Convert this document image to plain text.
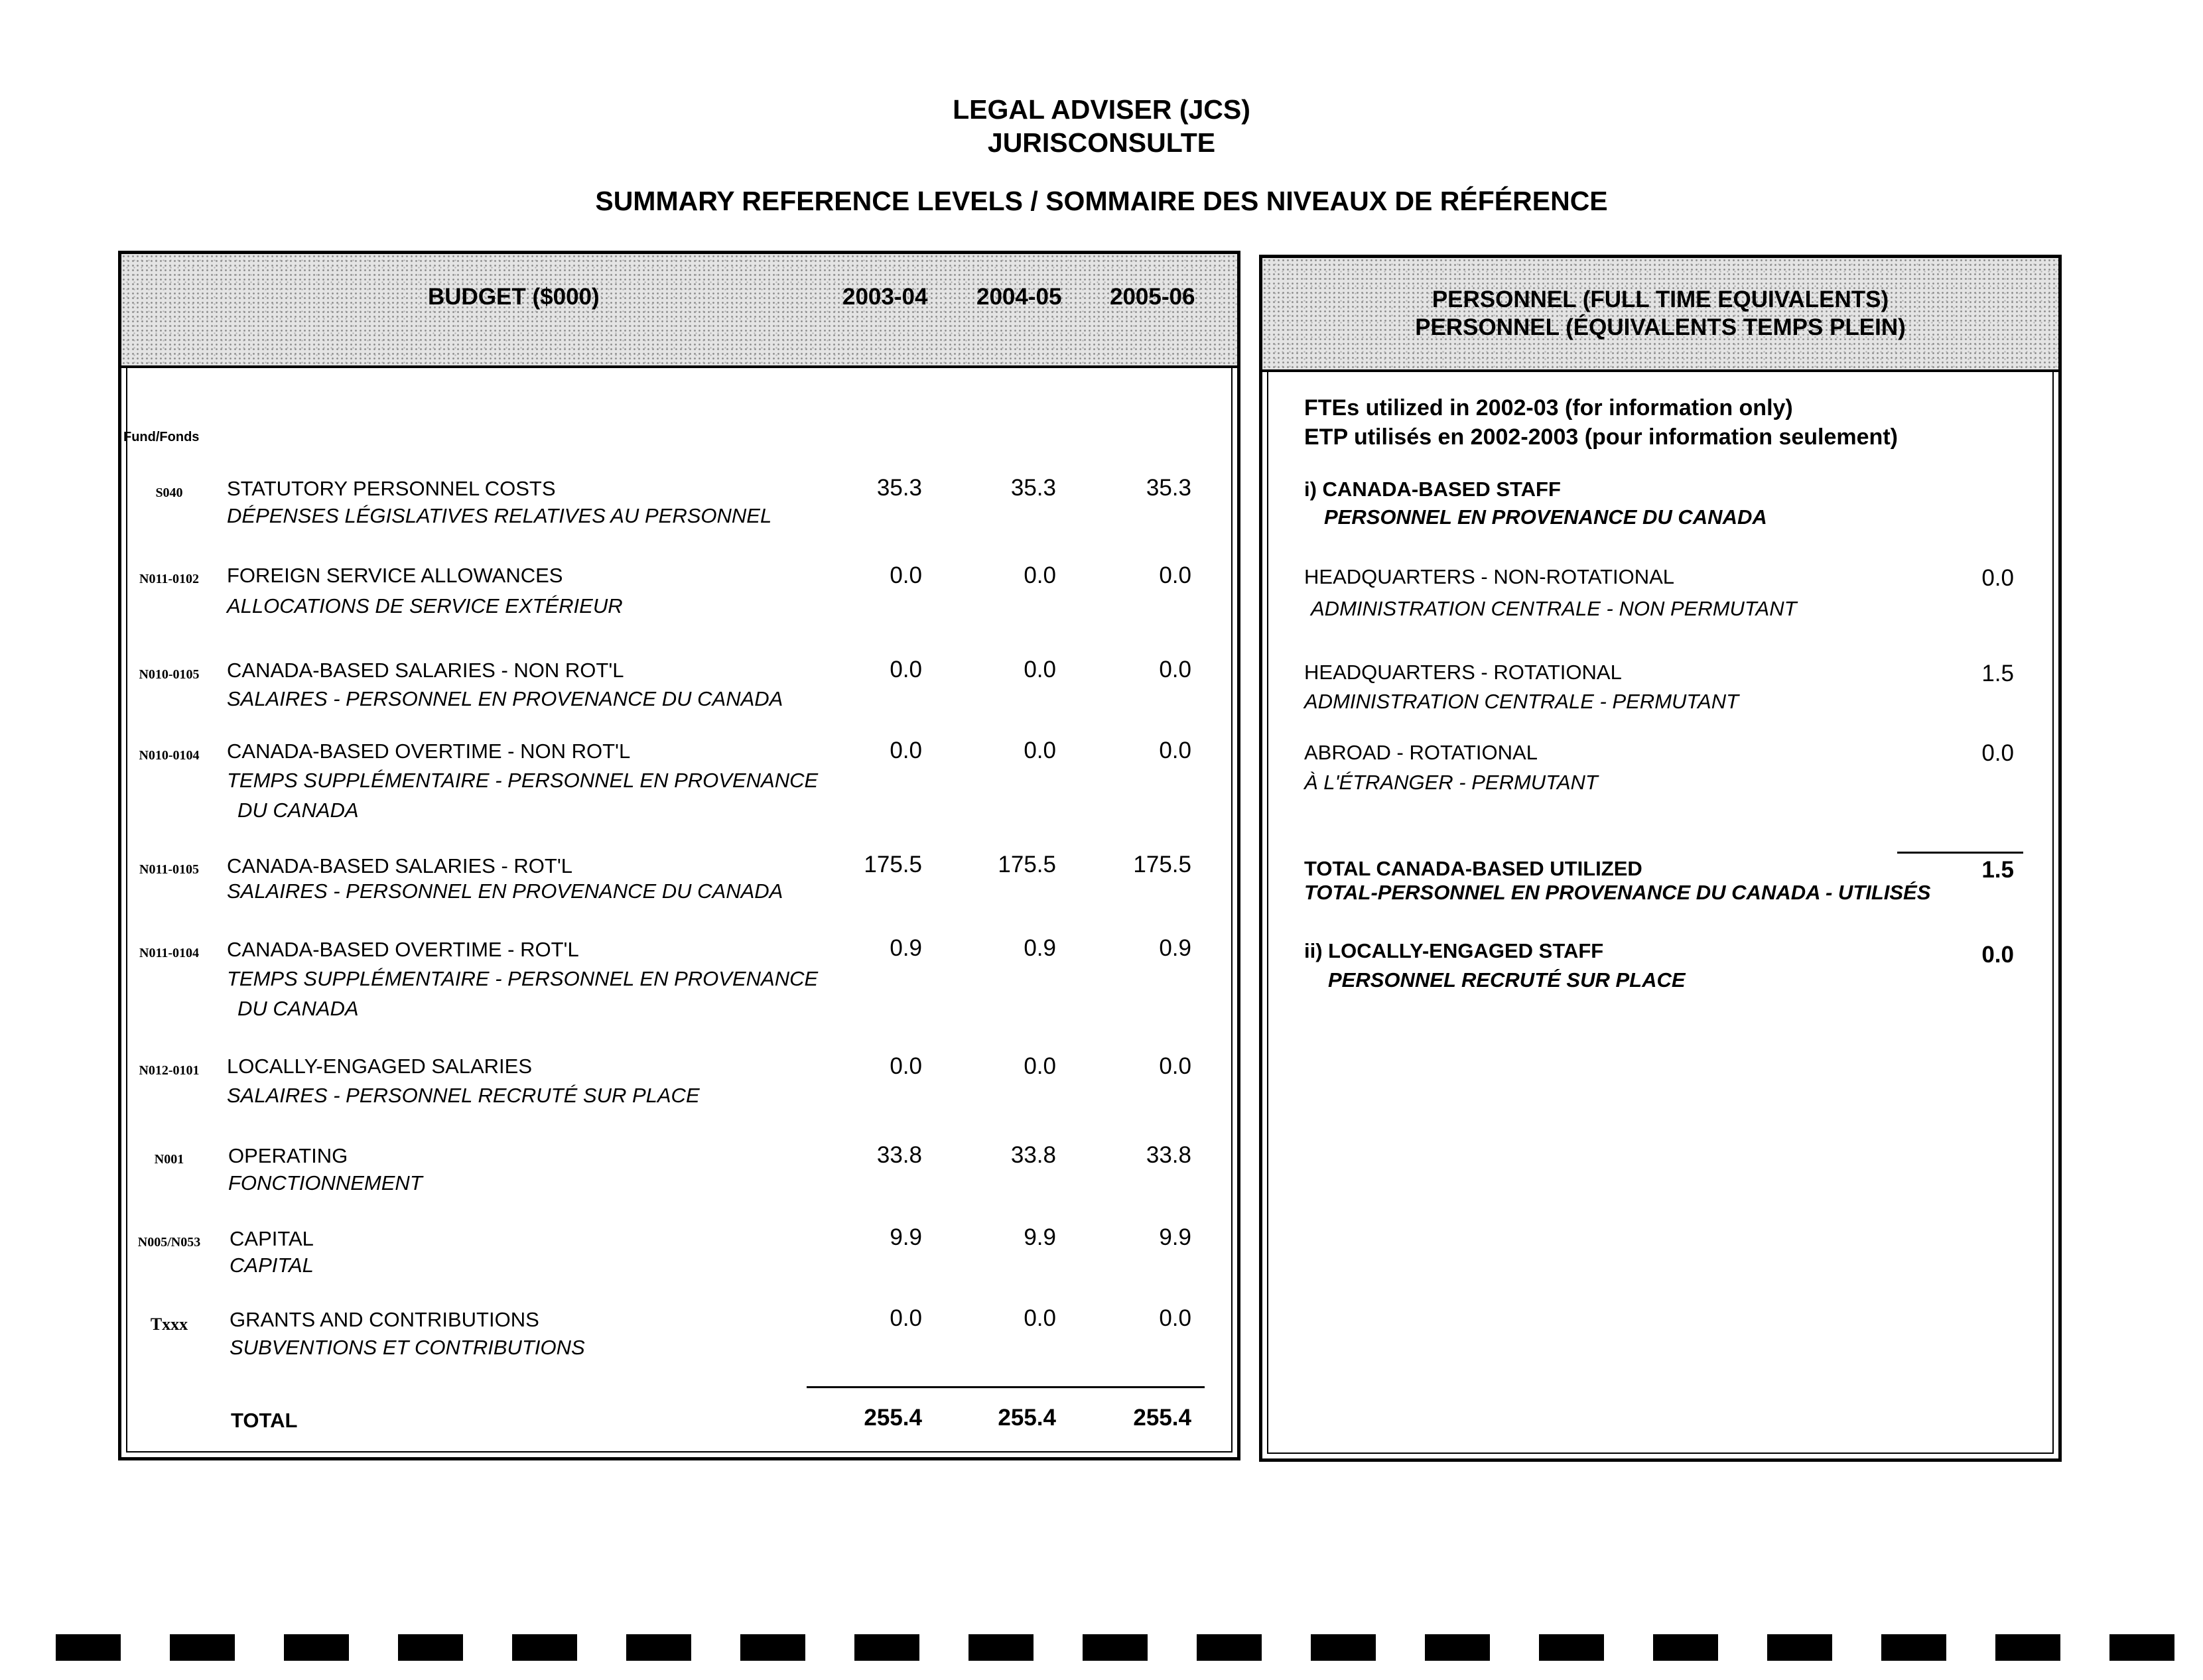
LEGAL ADVISER (JCS)
JURISCONSULTE
SUMMARY REFERENCE LEVELS / SOMMAIRE DES NIVEAUX DE RÉFÉRENCE
BUDGET ($000)	2003-04 2004-05 2005-06
Fund/Fonds
S040	STATUTORY PERSONNEL COSTS
DÉPENSES LÉGISLATIVES RELATIVES AU PERSONNEL
35.3	35.3	35.3
N011-0102	FOREIGN SERVICE ALLOWANCES
ALLOCATIONS DE SERVICE EXTÉRIEUR
0.0	0.0	0.0
N010-0105	CANADA-BASED SALARIES - NON ROT'L
SALAIRES - PERSONNEL EN PROVENANCE DU CANADA
0.0	0.0	0.0
N010-0104	CANADA-BASED OVERTIME - NON ROT'L
TEMPS SUPPLÉMENTAIRE - PERSONNEL EN PROVENANCE
DU CANADA
0.0	0.0	0.0
N011-0105	CANADA-BASED SALARIES - ROT'L
SALAIRES - PERSONNEL EN PROVENANCE DU CANADA
175.5	175.5	175.5
N011-0104	CANADA-BASED OVERTIME - ROT'L
TEMPS SUPPLÉMENTAIRE - PERSONNEL EN PROVENANCE
DU CANADA
0.9	0.9	0.9
N012-0101	LOCALLY-ENGAGED SALARIES
SALAIRES - PERSONNEL RECRUTÉ SUR PLACE
0.0	0.0	0.0
N001	OPERATING
FONCTIONNEMENT
33.8	33.8	33.8
N005/N053	CAPITAL
CAPITAL
9.9	9.9	9.9
Txxx	GRANTS AND CONTRIBUTIONS
SUBVENTIONS ET CONTRIBUTIONS
0.0	0.0	0.0
TOTAL	255.4	255.4	255.4
PERSONNEL (FULL TIME EQUIVALENTS)
PERSONNEL (ÉQUIVALENTS TEMPS PLEIN)
FTEs utilized in 2002-03 (for information only)
ETP utilisés en 2002-2003 (pour information seulement)
i) CANADA-BASED STAFF
PERSONNEL EN PROVENANCE DU CANADA
HEADQUARTERS - NON-ROTATIONAL
ADMINISTRATION CENTRALE - NON PERMUTANT
0.0
HEADQUARTERS - ROTATIONAL
ADMINISTRATION CENTRALE - PERMUTANT
1.5
ABROAD - ROTATIONAL
À L'ÉTRANGER - PERMUTANT
0.0
TOTAL CANADA-BASED UTILIZED
TOTAL-PERSONNEL EN PROVENANCE DU CANADA - UTILISÉS
1.5
ii) LOCALLY-ENGAGED STAFF
PERSONNEL RECRUTÉ SUR PLACE
0.0
